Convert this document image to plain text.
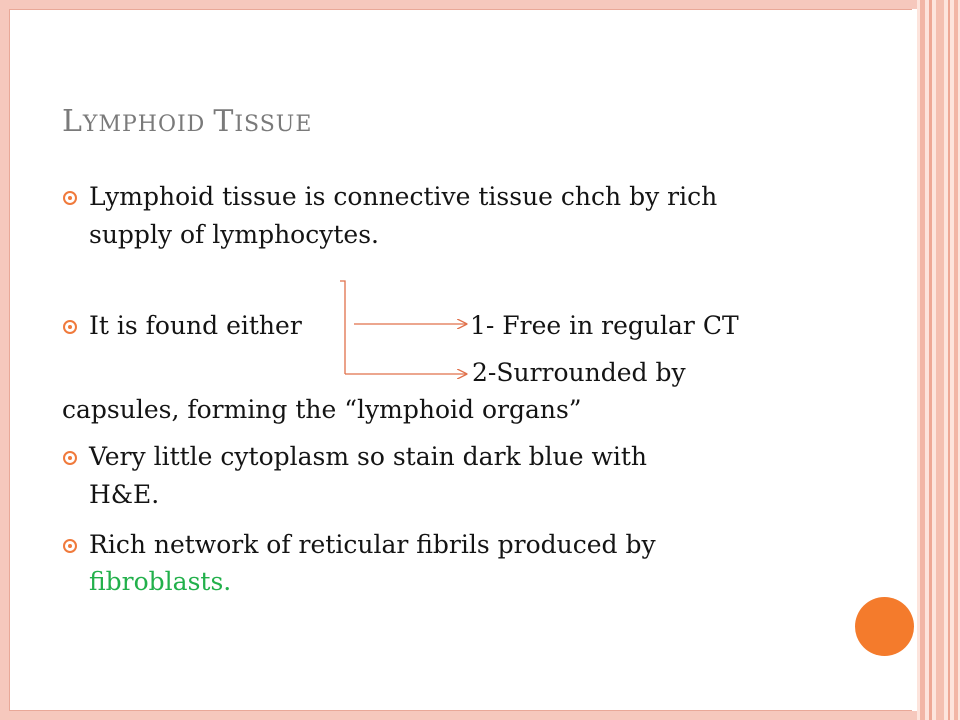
LYMPHOID TISSUE
Lymphoid tissue is connective tissue chch by rich
supply of lymphocytes.
It is found either	1- Free in regular CT
2-Surrounded by
capsules, forming the “lymphoid organs”
Very little cytoplasm so stain dark blue with
H&E.
Rich network of reticular fibrils produced by
fibroblasts.
